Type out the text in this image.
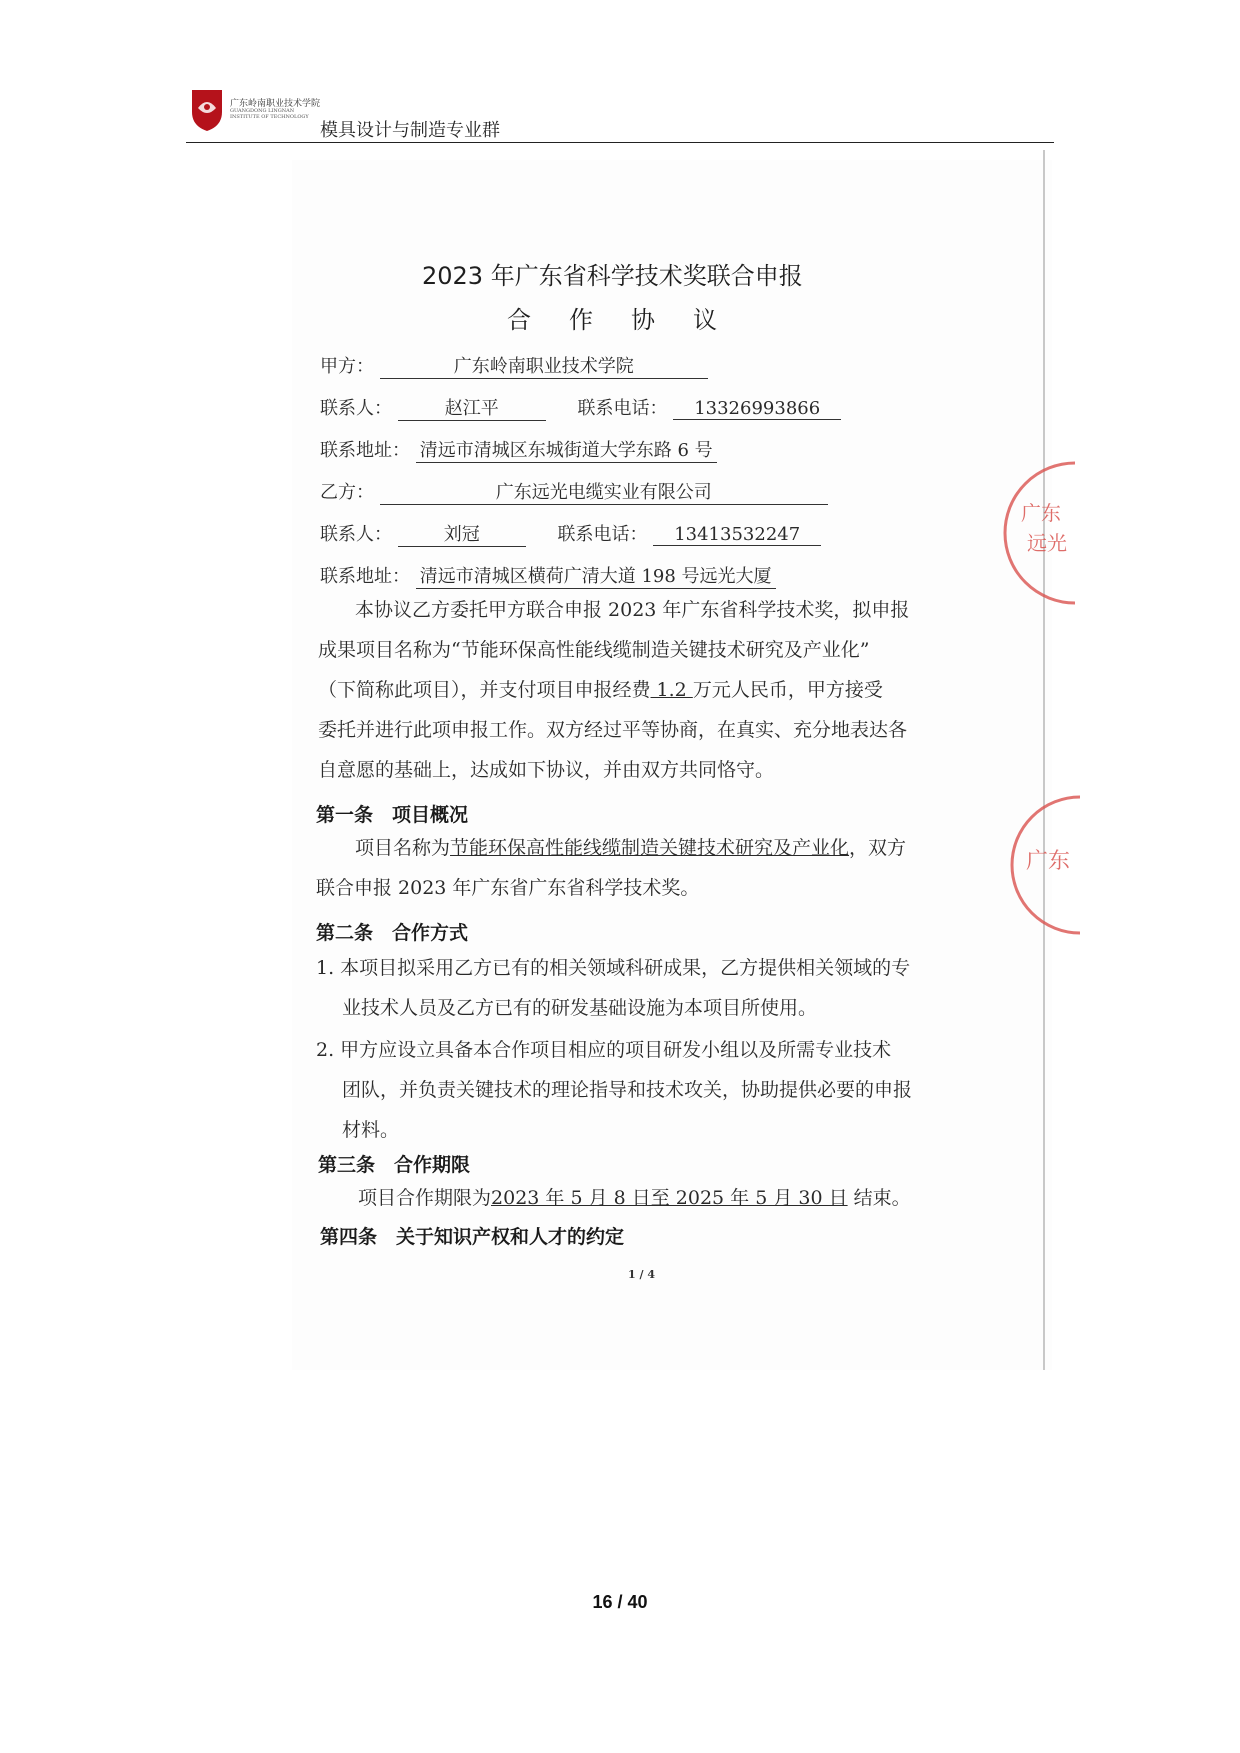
广东岭南职业技术学院
GUANGDONG LINGNAN
INSTITUTE OF TECHNOLOGY
模具设计与制造专业群
2023 年广东省科学技术奖联合申报
合作协议
甲方：	广东岭南职业技术学院
联系人：	赵江平	联系电话： 13326993866
联系地址： 清远市清城区东城街道大学东路 6 号
乙方：	广东远光电缆实业有限公司
联系人：	刘冠	联系电话： 13413532247
联系地址： 清远市清城区横荷广清大道 198 号远光大厦
本协议乙方委托甲方联合申报 2023 年广东省科学技术奖，拟申报
成果项目名称为“节能环保高性能线缆制造关键技术研究及产业化”
（下简称此项目），并支付项目申报经费 1.2 万元人民币，甲方接受
委托并进行此项申报工作。双方经过平等协商，在真实、充分地表达各
自意愿的基础上，达成如下协议，并由双方共同恪守。
第一条　项目概况
项目名称为节能环保高性能线缆制造关键技术研究及产业化，双方
联合申报 2023 年广东省广东省科学技术奖。
第二条　合作方式
1. 本项目拟采用乙方已有的相关领域科研成果，乙方提供相关领域的专
业技术人员及乙方已有的研发基础设施为本项目所使用。
2. 甲方应设立具备本合作项目相应的项目研发小组以及所需专业技术
团队，并负责关键技术的理论指导和技术攻关，协助提供必要的申报
材料。
第三条　合作期限
项目合作期限为2023 年 5 月 8 日至 2025 年 5 月 30 日 结束。
第四条　关于知识产权和人才的约定
1 / 4
广东
远光
广东
16 / 40
